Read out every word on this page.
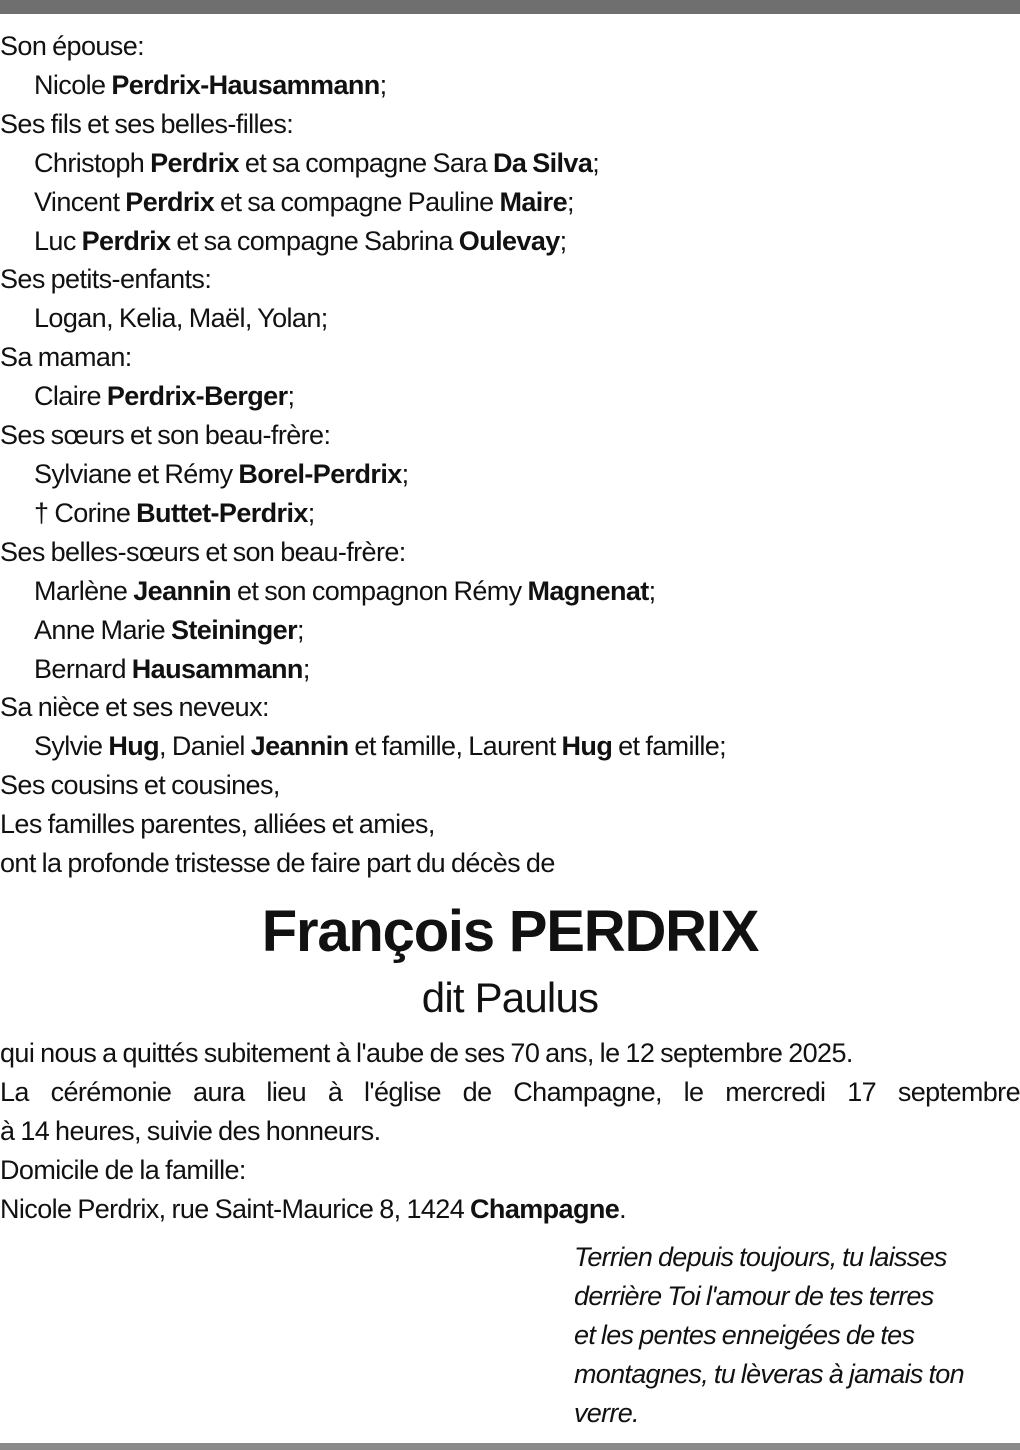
Son épouse:
Nicole Perdrix-Hausammann;
Ses fils et ses belles-filles:
Christoph Perdrix et sa compagne Sara Da Silva;
Vincent Perdrix et sa compagne Pauline Maire;
Luc Perdrix et sa compagne Sabrina Oulevay;
Ses petits-enfants:
Logan, Kelia, Maël, Yolan;
Sa maman:
Claire Perdrix-Berger;
Ses sœurs et son beau-frère:
Sylviane et Rémy Borel-Perdrix;
† Corine Buttet-Perdrix;
Ses belles-sœurs et son beau-frère:
Marlène Jeannin et son compagnon Rémy Magnenat;
Anne Marie Steininger;
Bernard Hausammann;
Sa nièce et ses neveux:
Sylvie Hug, Daniel Jeannin et famille, Laurent Hug et famille;
Ses cousins et cousines,
Les familles parentes, alliées et amies,
ont la profonde tristesse de faire part du décès de
François PERDRIX
dit Paulus
qui nous a quittés subitement à l'aube de ses 70 ans, le 12 septembre 2025.
La cérémonie aura lieu à l'église de Champagne, le mercredi 17 septembre
à 14 heures, suivie des honneurs.
Domicile de la famille:
Nicole Perdrix, rue Saint-Maurice 8, 1424 Champagne.
Terrien depuis toujours, tu laisses
derrière Toi l'amour de tes terres
et les pentes enneigées de tes
montagnes, tu lèveras à jamais ton
verre.
